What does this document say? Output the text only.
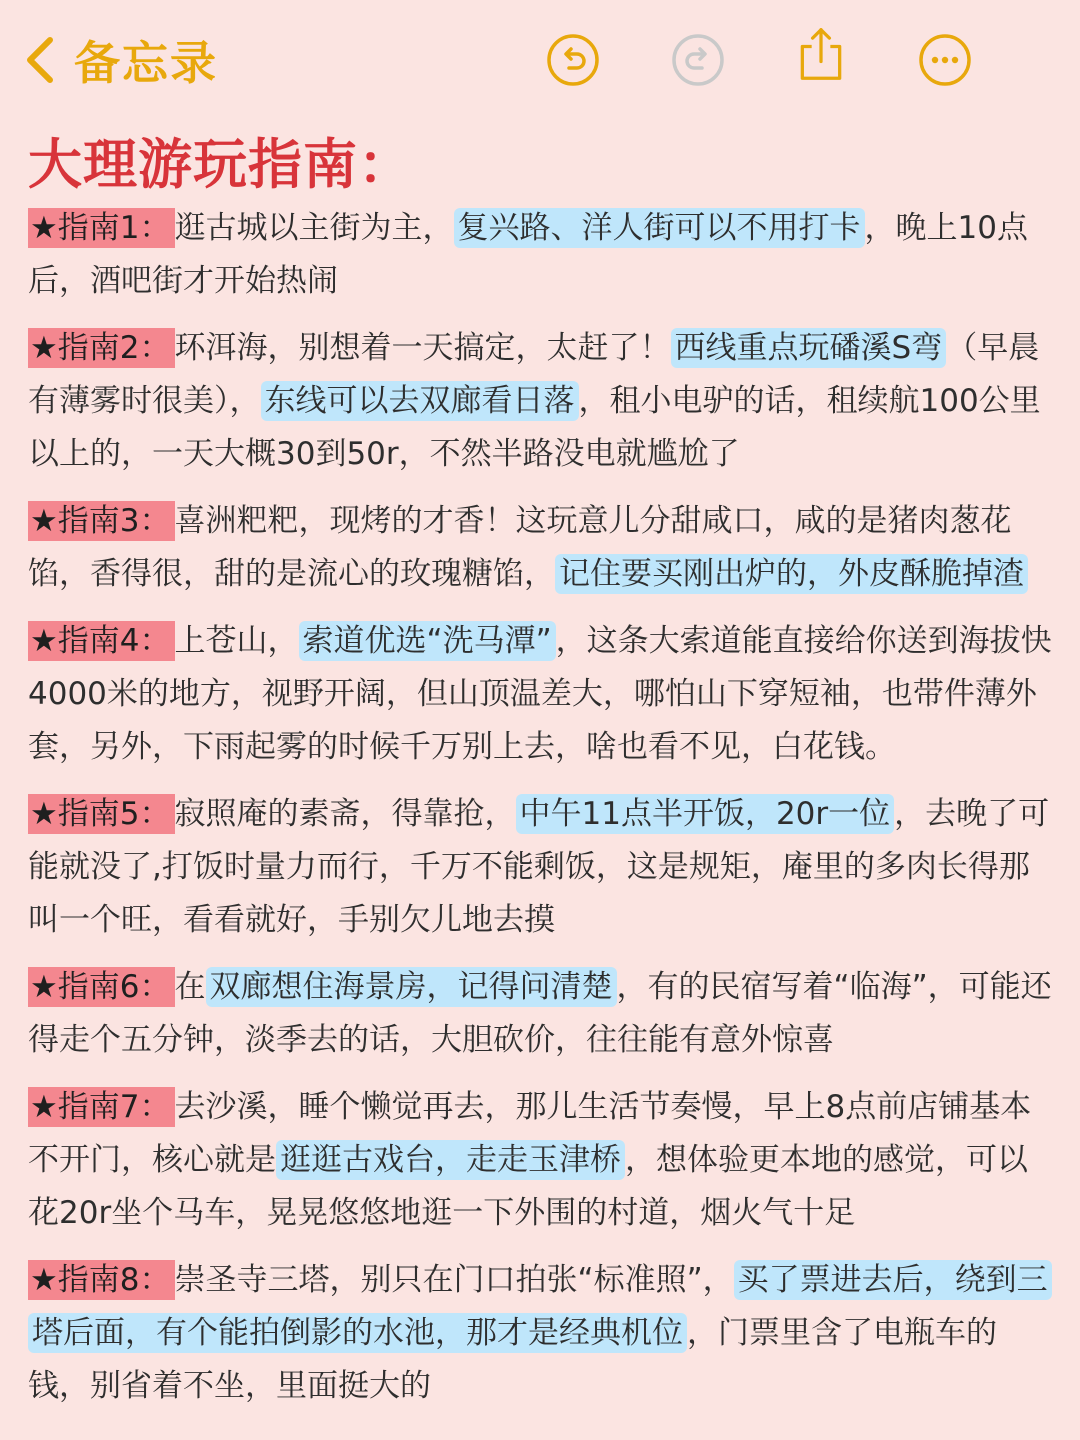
备忘录
大理游玩指南：

★指南1： 逛古城以主街为主， 复兴路、洋人街可以不用打卡 ，晚上10点后，酒吧街才开始热闹

★指南2： 环洱海，别想着一天搞定，太赶了！ 西线重点玩磻溪S弯 （早晨有薄雾时很美）， 东线可以去双廊看日落 ，租小电驴的话，租续航100公里以上的，一天大概30到50r，不然半路没电就尴尬了

★指南3： 喜洲粑粑，现烤的才香！这玩意儿分甜咸口，咸的是猪肉葱花馅，香得很，甜的是流心的玫瑰糖馅， 记住要买刚出炉的，外皮酥脆掉渣

★指南4： 上苍山， 索道优选“洗马潭” ，这条大索道能直接给你送到海拔快4000米的地方，视野开阔，但山顶温差大，哪怕山下穿短袖，也带件薄外套，另外，下雨起雾的时候千万别上去，啥也看不见，白花钱。

★指南5： 寂照庵的素斋，得靠抢， 中午11点半开饭，20r一位 ，去晚了可能就没了,打饭时量力而行，千万不能剩饭，这是规矩，庵里的多肉长得那叫一个旺，看看就好，手别欠儿地去摸

★指南6： 在 双廊想住海景房，记得问清楚 ，有的民宿写着“临海”，可能还得走个五分钟，淡季去的话，大胆砍价，往往能有意外惊喜

★指南7： 去沙溪，睡个懒觉再去，那儿生活节奏慢，早上8点前店铺基本不开门，核心就是 逛逛古戏台，走走玉津桥 ，想体验更本地的感觉，可以花20r坐个马车，晃晃悠悠地逛一下外围的村道，烟火气十足

★指南8： 崇圣寺三塔，别只在门口拍张“标准照”， 买了票进去后，绕到三塔后面，有个能拍倒影的水池，那才是经典机位 ，门票里含了电瓶车的钱，别省着不坐，里面挺大的
